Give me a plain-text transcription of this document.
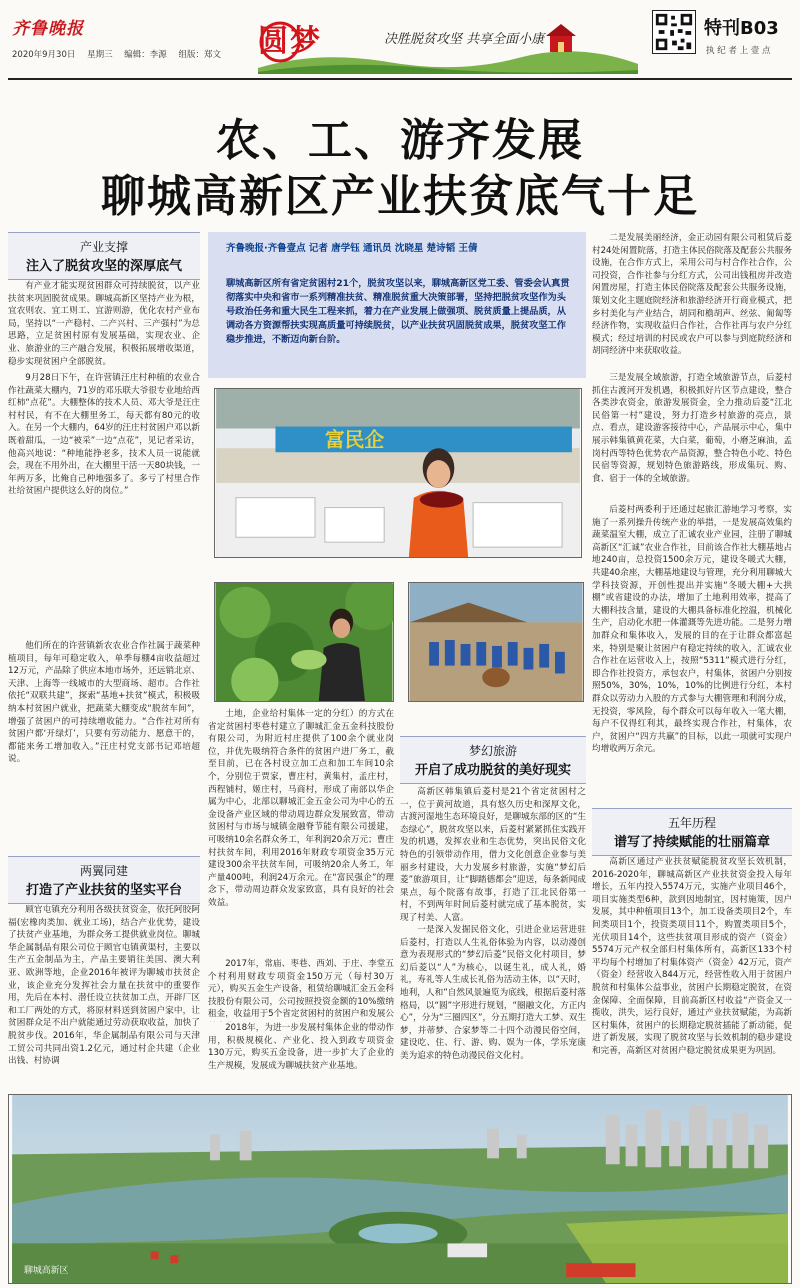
齐鲁晚报
2020年9月30日 星期三 编辑：李源 组版：郑文	圆梦	决胜脱贫攻坚 共享全面小康
特刊B03
执 纪 者 上 壹 点
农、工、游齐发展
聊城高新区产业扶贫底气十足
产业支撑
注入了脱贫攻坚的深厚底气

有产业才能实现贫困群众可持续脱贫，以产业扶贫来巩固脱贫成果。聊城高新区坚持产业为根，宜农则农、宜工则工、宜游则游，优化农村产业布局，坚持以“一产稳村、二产兴村、三产强村”为总思路，立足贫困村原有发展基础，实现农业、企业、旅游业的三产融合发展，积极拓展增收渠道，稳步实现贫困户全部脱贫。

9月28日下午，在许营镇汪庄村种植的农业合作社蔬菜大棚内，71岁的邓乐联大爷很专业地给西红柿“点花”。大棚整体的技术人员、邓大爷是汪庄村村民，有不在大棚里务工，每天都有80元的收入。在另一个大棚内，64岁的汪庄村贫困户邓以新既着甜瓜，一边“被采”一边“点花”，见记者采访，他高兴地说：“种地能挣老多，技术人员一说能就会，现在不用外出，在大棚里干活一天80块钱，一年两万多，比俺自己种地强多了。多亏了村里合作社给贫困户提供这么好的岗位。”

他们所在的许营镇新农农业合作社属于蔬菜种植项目，每年可稳定收入，单季每棚4亩收益超过12万元，产品除了供应本地市场外，还远销北京、天津、上海等一线城市的大型商场、超市。合作社依托“双联共建”，探索“基地+扶贫”模式，积极吸纳本村贫困户就业，把蔬菜大棚变成“脱贫车间”，增强了贫困户的可持续增收能力。“合作社对所有贫困户都‘开绿灯’，只要有劳动能力、愿意干的，都能来务工增加收入。”汪庄村党支部书记邓培超说。

齐鲁晚报·齐鲁壹点 记者 唐学钰 通讯员 沈晓星 楚诗韬 王倩
聊城高新区所有省定贫困村21个，脱贫攻坚以来，聊城高新区党工委、管委会认真贯彻落实中央和省市一系列精准扶贫、精准脱贫重大决策部署，坚持把脱贫攻坚作为头号政治任务和重大民生工程来抓，着力在产业发展上做强项、脱贫质量上提品质，从调动各方资源帮扶实现高质量可持续脱贫，以产业扶贫巩固脱贫成果，脱贫攻坚工作稳步推进，不断迈向新台阶。
富民企

土地，企业给村集体一定的分红）的方式在省定贫困村枣巷村建立了聊城汇金五金科技股份有限公司，为附近村庄提供了100余个就业岗位，并优先吸纳符合条件的贫困户进厂务工，截至目前，已在各村设立加工点和加工车间10余个，分别位于贾家，曹庄村，黄集村，孟庄村，西程铺村，姬庄村，马商村，形成了南部以华企属为中心，北部以聊城汇金五金公司为中心的五金设备产业区域的带动周边群众发展致富，带动贫困村与市场与城镇金融脊节能有限公司援建，可吸纳10余名群众务工，年利润20余万元；曹庄村扶贫车间，利用2016年财政专项资金35万元建设300余平扶贫车间，可吸纳20余人务工，年产量400吨，利润24万余元。在“富民强企”的理念下，带动周边群众发家致富，具有良好的社会效益。

2017年，常庙、枣巷、西刘、于庄、李堂五个村利用财政专项资金150万元（每村30万元），购买五金生产设备，租赁给聊城汇金五金科技股份有限公司，公司按照投资金额的10%缴纳租金，收益用于5个省定贫困村的贫困户和发展公

2018年，为进一步发展村集体企业的带动作用，积极规模化、产业化、投入到政专项资金130万元，购买五金设备，进一步扩大了企业的生产规模，发展成为聊城扶贫产业基地。

两翼同建
打造了产业扶贫的坚实平台

顾官屯镇充分利用各级扶贫资金，依托阿胶阿福(宏橡肉类加、就业工场)，结合产业优势，建设了扶贫产业基地，为群众务工提供就业岗位。聊城华企属制品有限公司位于顾官屯镇黄渠村，主要以生产五金制品为主，产品主要销往美国、澳大利亚、欧洲等地，企业2016年被评为聊城市扶贫企业，该企业充分发挥社会力量在扶贫中的重要作用，先后在本村、潜任设立扶贫加工点，开辟厂区和工厂两处的方式，将原材料送到贫困户家中，让贫困群众足不出户就能通过劳动获取收益，加快了脱贫步伐。2016年，华企属制品有限公司与天津工贸公司共同出资1.2亿元，通过村企共建（企业出钱、村协调

梦幻旅游
开启了成功脱贫的美好现实

高新区韩集镇后菱村是21个省定贫困村之一，位于黄河故道，具有悠久历史和深厚文化，古渡河湿地生态环境良好，是聊城东部的区的“生态绿心”，脱贫攻坚以来，后菱村紧紧抓住实践开发的机遇，发挥农业和生态优势，突出民俗文化特色的引领带动作用，借力文化创意企业参与美丽乡村建设，大力发展乡村旅游，实施“梦幻后菱”旅游项目，让“脚踏德都会”迎送，每条新闻成果点，每个院落有故事，打造了江北民俗第一村，不到两年时间后菱村就完成了基本脱贫，实现了村美、人富。

一是深入发掘民俗文化，引进企业运营进驻后菱村，打造以人生礼俗体验为内容，以动漫创意为表现形式的“梦幻后菱”民俗文化村项目，梦幻后菱以“人”为核心，以诞生礼，成人礼，婚礼，寿礼等人生成长礼俗为活动主体，以“天时，地利，人和”自然风景遍览为底线，根据后菱村落格局，以“圆”字形进行规划，“圈融文化，方正内心”，分为“三圈四区”，分五期打造大工梦、双生梦，并蒂梦、合家梦等二十四个动漫民俗空间，建设吃、住、行、游、购、娱为一体，学乐宠康美为追求的特色动漫民俗文化村。

二是发展美丽经济，金正动园有限公司租赁后菱村24处闲置院落，打造主体民俗院落及配套公共服务设施，在合作方式上，采用公司与村合作社合作，公司投资，合作社参与分红方式，公司出钱租房并改造闲置房屋，打造主体民俗院落及配套公共服务设施，策划文化主题庭院经济和旅游经济开行商业模式，把乡村美化与产业结合，胡同和檐胡声、丝弦、匍匐等经济作物，实现收益归合作社，合作社再与农户分红模式；经过培训的村民或农户可以参与到庭院经济和胡同经济中来获取收益。

三是发展全域旅游，打造全域旅游节点，后菱村抓住古渡河开发机遇，积极抓好片区节点建设，整合各类涉农资金，旅游发展资金，全力推动后菱“江北民俗第一村”建设，努力打造乡村旅游的亮点，景点、看点，建设游客接待中心，产品展示中心，集中展示韩集镇黄花菜，大白菜，葡萄，小磨芝麻油，孟岗村西等特色优势农产品资源，整合特色小吃、特色民宿等资源，规划特色旅游路线，形成集玩、购、食、宿于一体的全域旅游。

后菱村两委利于还通过起旅汇游地学习考察，实施了一系列操升传统产业的举措，一是发展高效集约蔬菜温室大棚，成立了汇诚农业产业园，注册了聊城高新区“汇诚”农业合作社，目前该合作社大棚基地占地240亩，总投资1500余万元，建设冬暖式大棚，共建40余座，大棚基地建设与管理，充分利用聊城大学科技资源，开创性提出并实施“冬暖大棚+大拱棚”或省建设的办法，增加了土地利用效率，提高了大棚科技含量，建设的大棚具备标准化控温，机械化生产，启动化水肥一体灌溉等先进功能。二是努力增加群众和集体收入，发展的目的在于让群众都富起来，特别是聚让贫困户有稳定持续的收入，汇诚农业合作社在运营收入上，按照“5311”模式进行分红，即合作社投资方，承包农户，村集体，贫困户分别按照50%，30%，10%，10%的比例进行分红，本村群众以劳动力入股的方式参与大棚管理和利润分成，无投资，零风险，每个群众可以每年收入一笔大棚，每户不仅得红利其，最终实现合作社，村集体，农户，贫困户“四方共赢”的目标，以此一项就可实现户均增收两万余元。

五年历程
谱写了持续赋能的壮丽篇章

高新区通过产业扶贫赋能脱贫攻坚长效机制，2016-2020年，聊城高新区产业扶贫资金投入每年增长，五年内投入5574万元，实施产业项目46个，项目实施类型6种，款到因地制宜，因村施策，因户发展，其中种植项目13个，加工设备类项目2个，车间类项目1个，投资类项目11个，购置类项目5个，光伏项目14个，这些扶贫项目形成的资产（资金）5574万元产权全部归村集体所有，高新区133个村平均每个村增加了村集体资产（资金）42万元，资产（资金）经营收入844万元，经营性收入用于贫困户脱贫和村集体公益事业，贫困户长期稳定脱贫，在资金保障、全面保障，目前高新区村收益“产资金又一揽收，洪失，运行良好，通过产业扶贫赋能，为高新区村集体，贫困户的长期稳定脱贫插能了新动能，促进了新发展，实现了脱贫攻坚与长效机制的稳步建设和完善，高新区对贫困户稳定脱贫成果更为巩固。

聊城高新区
